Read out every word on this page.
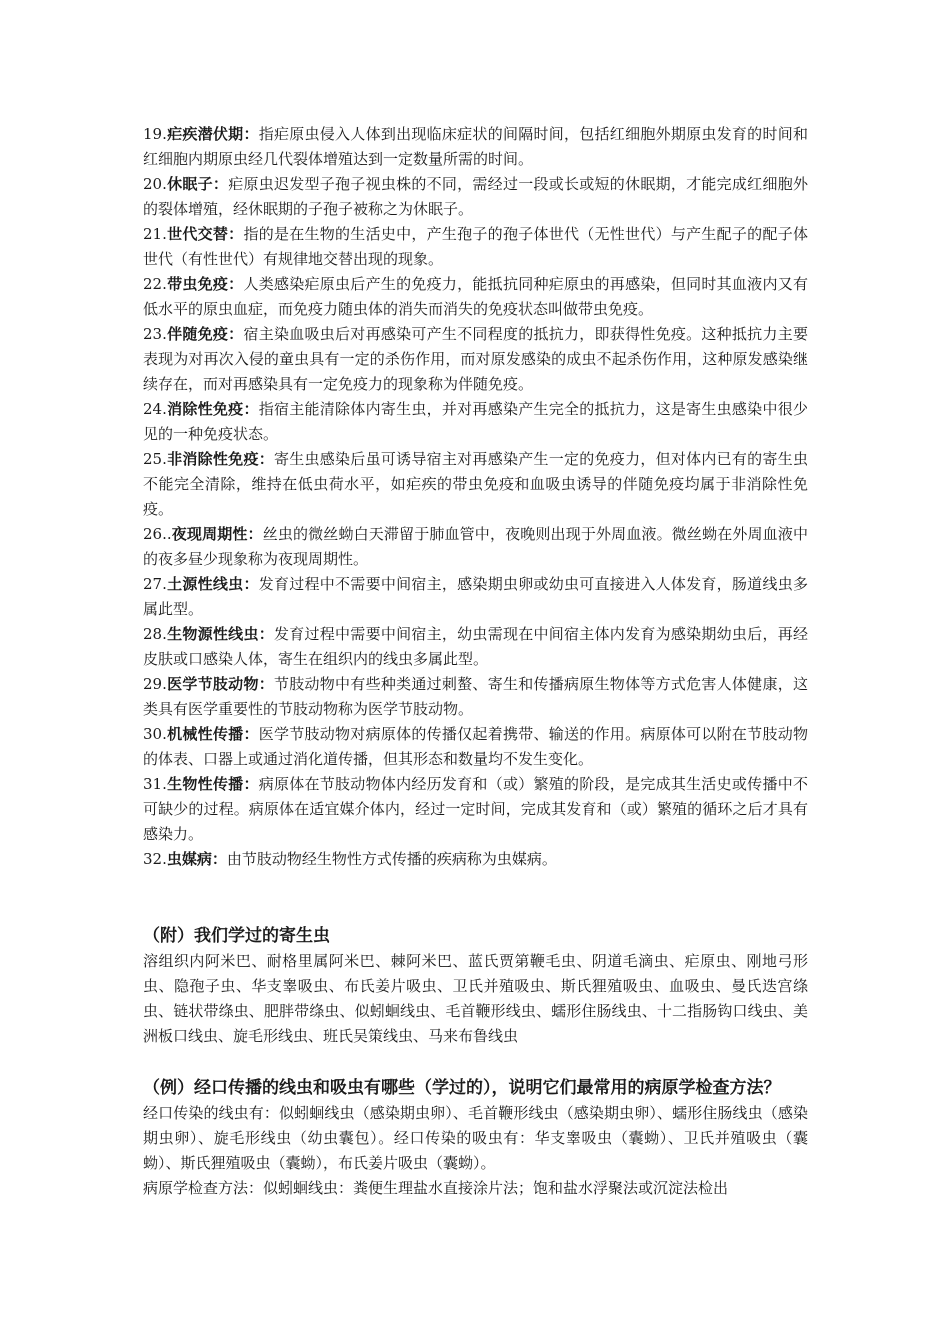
19.疟疾潜伏期：指疟原虫侵入人体到出现临床症状的间隔时间，包括红细胞外期原虫发育的时间和红细胞内期原虫经几代裂体增殖达到一定数量所需的时间。

20.休眠子：疟原虫迟发型子孢子视虫株的不同，需经过一段或长或短的休眠期，才能完成红细胞外的裂体增殖，经休眠期的子孢子被称之为休眠子。

21.世代交替：指的是在生物的生活史中，产生孢子的孢子体世代（无性世代）与产生配子的配子体世代（有性世代）有规律地交替出现的现象。

22.带虫免疫：人类感染疟原虫后产生的免疫力，能抵抗同种疟原虫的再感染，但同时其血液内又有低水平的原虫血症，而免疫力随虫体的消失而消失的免疫状态叫做带虫免疫。

23.伴随免疫：宿主染血吸虫后对再感染可产生不同程度的抵抗力，即获得性免疫。这种抵抗力主要表现为对再次入侵的童虫具有一定的杀伤作用，而对原发感染的成虫不起杀伤作用，这种原发感染继续存在，而对再感染具有一定免疫力的现象称为伴随免疫。

24.消除性免疫：指宿主能清除体内寄生虫，并对再感染产生完全的抵抗力，这是寄生虫感染中很少见的一种免疫状态。

25.非消除性免疫：寄生虫感染后虽可诱导宿主对再感染产生一定的免疫力，但对体内已有的寄生虫不能完全清除，维持在低虫荷水平，如疟疾的带虫免疫和血吸虫诱导的伴随免疫均属于非消除性免疫。

26..夜现周期性：丝虫的微丝蚴白天滞留于肺血管中，夜晚则出现于外周血液。微丝蚴在外周血液中的夜多昼少现象称为夜现周期性。

27.土源性线虫：发育过程中不需要中间宿主，感染期虫卵或幼虫可直接进入人体发育，肠道线虫多属此型。

28.生物源性线虫：发育过程中需要中间宿主，幼虫需现在中间宿主体内发育为感染期幼虫后，再经皮肤或口感染人体，寄生在组织内的线虫多属此型。

29.医学节肢动物：节肢动物中有些种类通过刺螯、寄生和传播病原生物体等方式危害人体健康，这类具有医学重要性的节肢动物称为医学节肢动物。

30.机械性传播：医学节肢动物对病原体的传播仅起着携带、输送的作用。病原体可以附在节肢动物的体表、口器上或通过消化道传播，但其形态和数量均不发生变化。

31.生物性传播：病原体在节肢动物体内经历发育和（或）繁殖的阶段，是完成其生活史或传播中不可缺少的过程。病原体在适宜媒介体内，经过一定时间，完成其发育和（或）繁殖的循环之后才具有感染力。

32.虫媒病：由节肢动物经生物性方式传播的疾病称为虫媒病。

（附）我们学过的寄生虫

溶组织内阿米巴、耐格里属阿米巴、棘阿米巴、蓝氏贾第鞭毛虫、阴道毛滴虫、疟原虫、刚地弓形虫、隐孢子虫、华支睾吸虫、布氏姜片吸虫、卫氏并殖吸虫、斯氏狸殖吸虫、血吸虫、曼氏迭宫绦虫、链状带绦虫、肥胖带绦虫、似蚓蛔线虫、毛首鞭形线虫、蠕形住肠线虫、十二指肠钩口线虫、美洲板口线虫、旋毛形线虫、班氏吴策线虫、马来布鲁线虫

（例）经口传播的线虫和吸虫有哪些（学过的），说明它们最常用的病原学检查方法？

经口传染的线虫有：似蚓蛔线虫（感染期虫卵）、毛首鞭形线虫（感染期虫卵）、蠕形住肠线虫（感染期虫卵）、旋毛形线虫（幼虫囊包）。经口传染的吸虫有：华支睾吸虫（囊蚴）、卫氏并殖吸虫（囊蚴）、斯氏狸殖吸虫（囊蚴），布氏姜片吸虫（囊蚴）。

病原学检查方法：似蚓蛔线虫：粪便生理盐水直接涂片法；饱和盐水浮聚法或沉淀法检出
